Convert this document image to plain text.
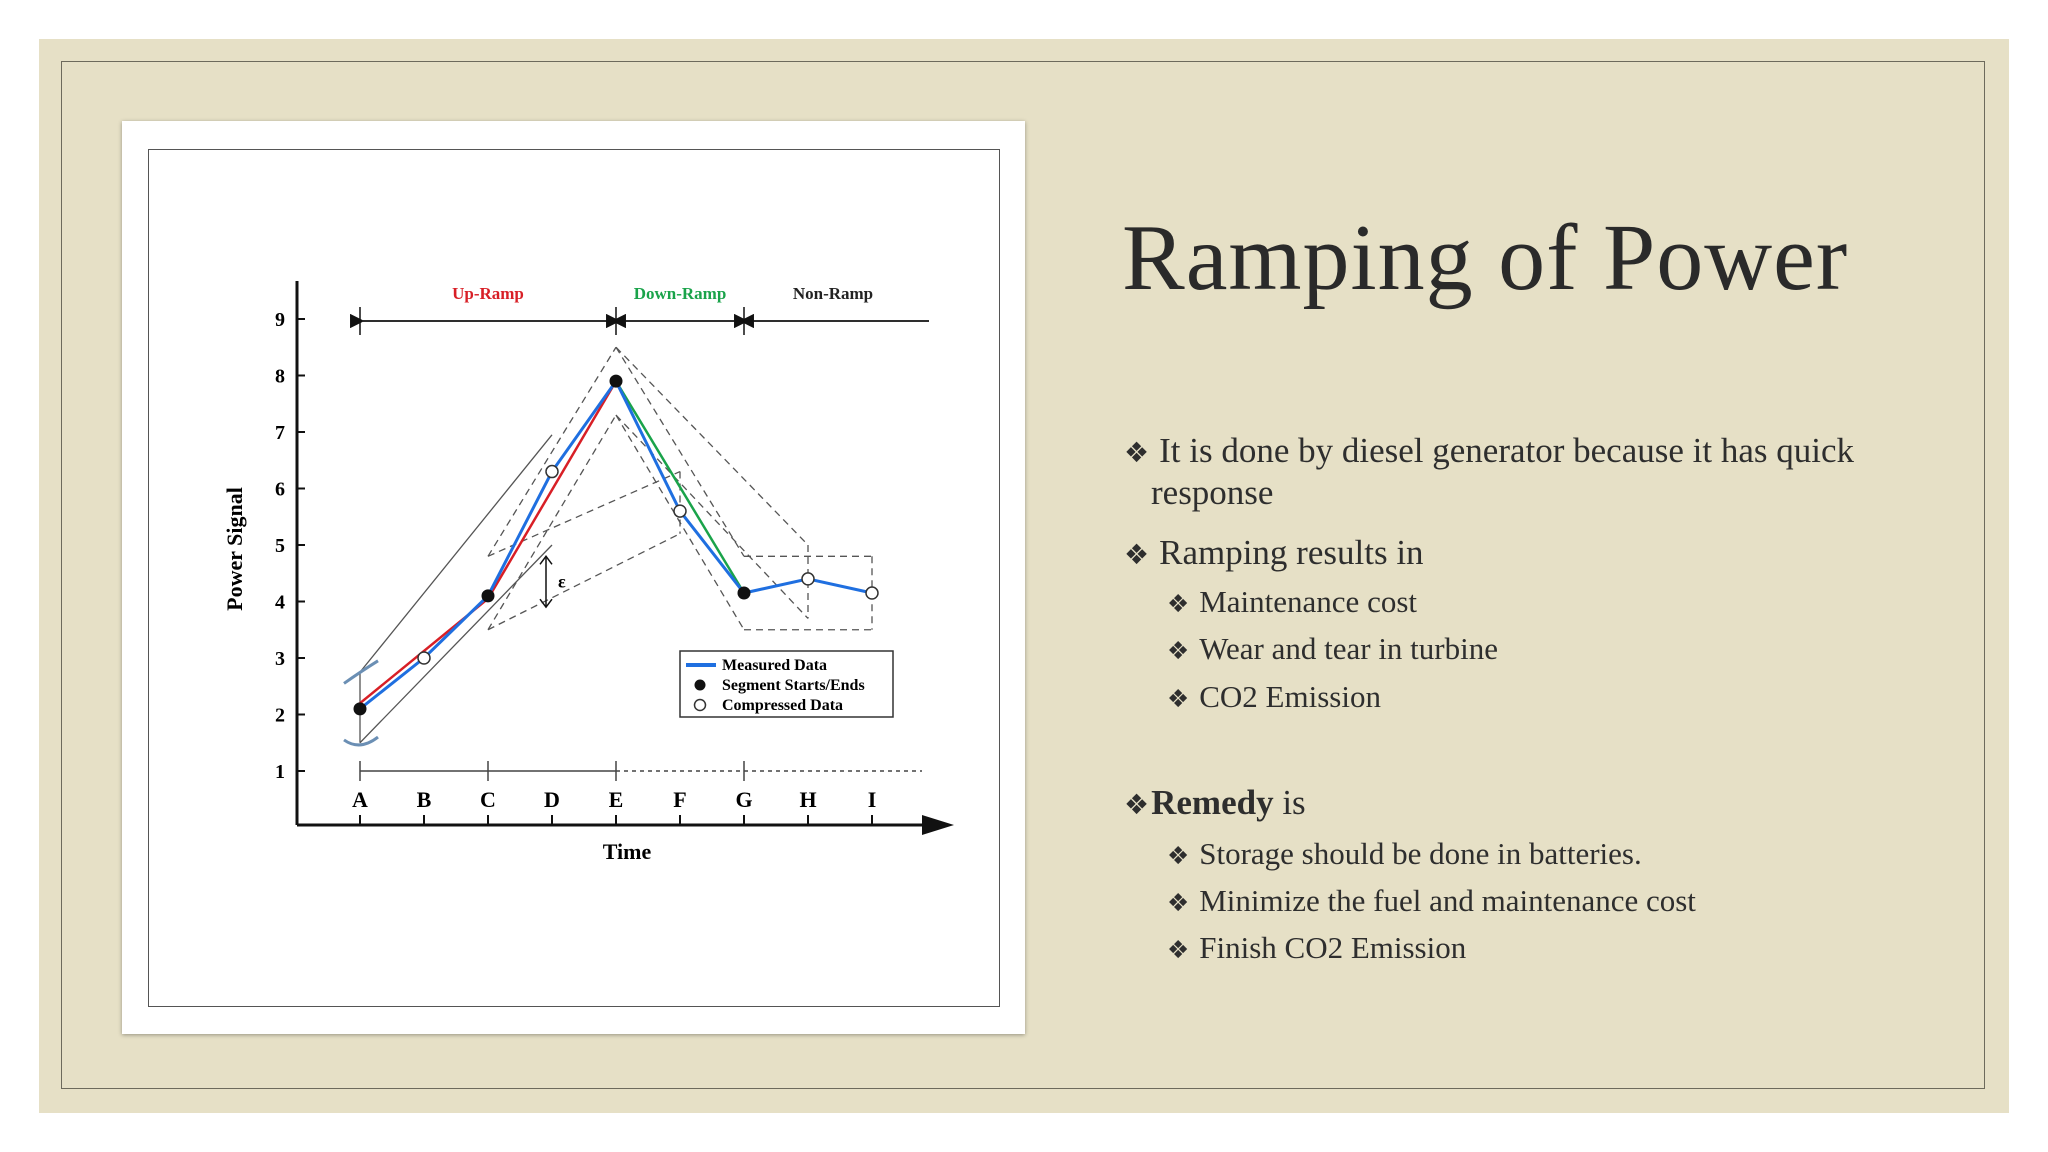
1
2
3
4
5
6
7
8
9
Power Signal
A B C D E F G H I
Time
Up-Ramp	Down-Ramp	Non-Ramp
ε
Measured Data
Segment Starts/Ends
Compressed Data
Ramping of Power
❖ It is done by diesel generator because it has quick
response
❖ Ramping results in
❖ Maintenance cost
❖ Wear and tear in turbine
❖ CO2 Emission
❖Remedy is
❖ Storage should be done in batteries.
❖ Minimize the fuel and maintenance cost
❖ Finish CO2 Emission
